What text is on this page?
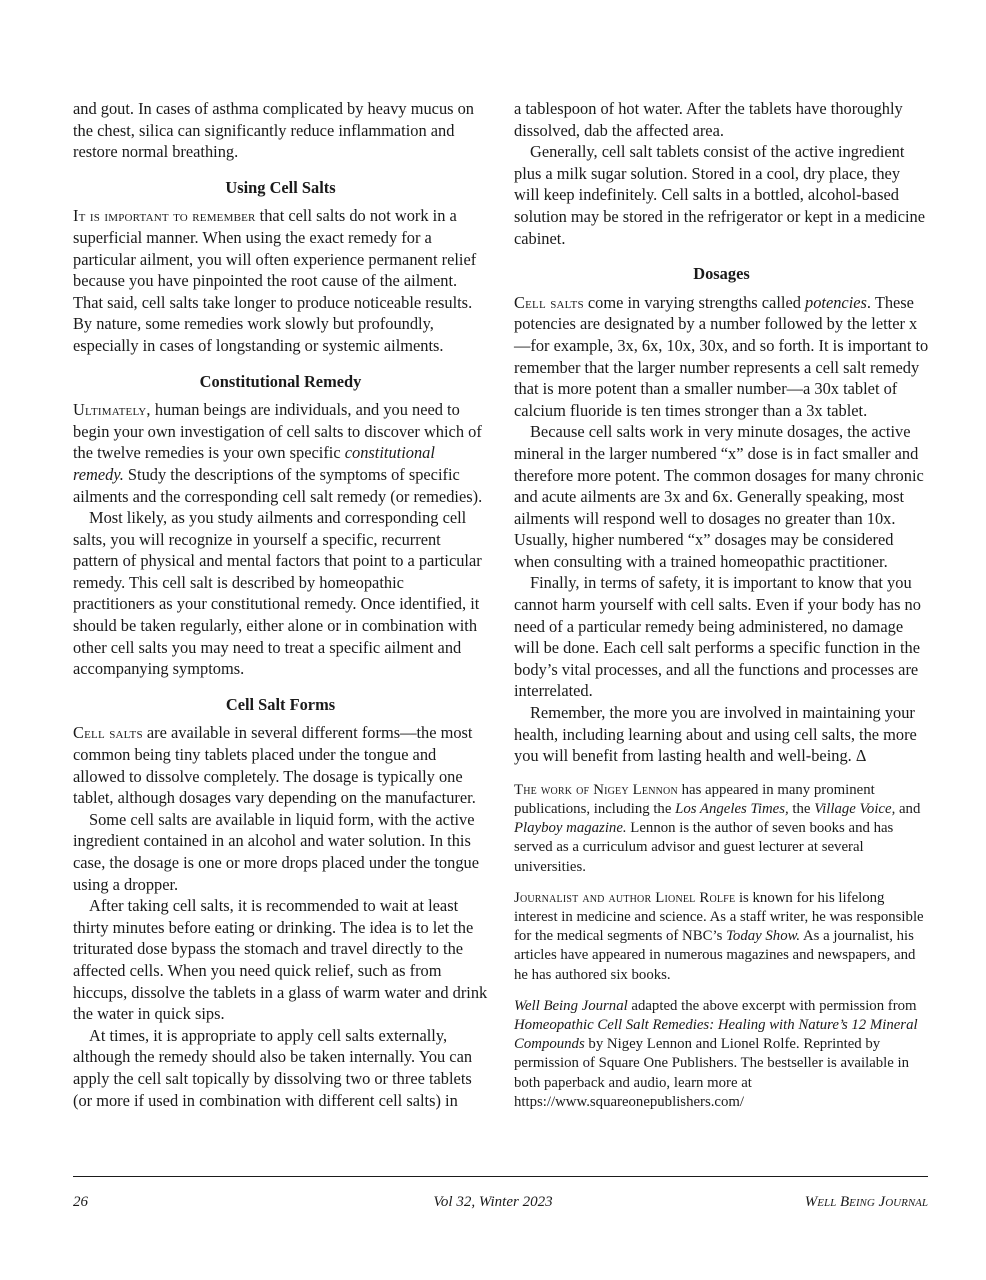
and gout. In cases of asthma complicated by heavy mucus on the chest, silica can significantly reduce inflammation and restore normal breathing.

Using Cell Salts

It is important to remember that cell salts do not work in a superficial manner. When using the exact remedy for a particular ailment, you will often experience permanent relief because you have pinpointed the root cause of the ailment. That said, cell salts take longer to produce noticeable results. By nature, some remedies work slowly but profoundly, especially in cases of longstanding or systemic ailments.

Constitutional Remedy

Ultimately, human beings are individuals, and you need to begin your own investigation of cell salts to discover which of the twelve remedies is your own specific constitutional remedy. Study the descriptions of the symptoms of specific ailments and the corresponding cell salt remedy (or remedies).

Most likely, as you study ailments and corresponding cell salts, you will recognize in yourself a specific, recurrent pattern of physical and mental factors that point to a particular remedy. This cell salt is described by homeopathic practitioners as your constitutional remedy. Once identified, it should be taken regularly, either alone or in combination with other cell salts you may need to treat a specific ailment and accompanying symptoms.

Cell Salt Forms

Cell salts are available in several different forms—the most common being tiny tablets placed under the tongue and allowed to dissolve completely. The dosage is typically one tablet, although dosages vary depending on the manufacturer.

Some cell salts are available in liquid form, with the active ingredient contained in an alcohol and water solution. In this case, the dosage is one or more drops placed under the tongue using a dropper.

After taking cell salts, it is recommended to wait at least thirty minutes before eating or drinking. The idea is to let the triturated dose bypass the stomach and travel directly to the affected cells. When you need quick relief, such as from hiccups, dissolve the tablets in a glass of warm water and drink the water in quick sips.

At times, it is appropriate to apply cell salts externally, although the remedy should also be taken internally. You can apply the cell salt topically by dissolving two or three tablets (or more if used in combination with different cell salts) in

a tablespoon of hot water. After the tablets have thoroughly dissolved, dab the affected area.

Generally, cell salt tablets consist of the active ingredient plus a milk sugar solution. Stored in a cool, dry place, they will keep indefinitely. Cell salts in a bottled, alcohol-based solution may be stored in the refrigerator or kept in a medicine cabinet.

Dosages

Cell salts come in varying strengths called potencies. These potencies are designated by a number followed by the letter x—for example, 3x, 6x, 10x, 30x, and so forth. It is important to remember that the larger number represents a cell salt remedy that is more potent than a smaller number—a 30x tablet of calcium fluoride is ten times stronger than a 3x tablet.

Because cell salts work in very minute dosages, the active mineral in the larger numbered “x” dose is in fact smaller and therefore more potent. The common dosages for many chronic and acute ailments are 3x and 6x. Generally speaking, most ailments will respond well to dosages no greater than 10x. Usually, higher numbered “x” dosages may be considered when consulting with a trained homeopathic practitioner.

Finally, in terms of safety, it is important to know that you cannot harm yourself with cell salts. Even if your body has no need of a particular remedy being administered, no damage will be done. Each cell salt performs a specific function in the body’s vital processes, and all the functions and processes are interrelated.

Remember, the more you are involved in maintaining your health, including learning about and using cell salts, the more you will benefit from lasting health and well-being. Δ

The work of Nigey Lennon has appeared in many prominent publications, including the Los Angeles Times, the Village Voice, and Playboy magazine. Lennon is the author of seven books and has served as a curriculum advisor and guest lecturer at several universities.

Journalist and author Lionel Rolfe is known for his lifelong interest in medicine and science. As a staff writer, he was responsible for the medical segments of NBC’s Today Show. As a journalist, his articles have appeared in numerous magazines and newspapers, and he has authored six books.

Well Being Journal adapted the above excerpt with permission from Homeopathic Cell Salt Remedies: Healing with Nature’s 12 Mineral Compounds by Nigey Lennon and Lionel Rolfe. Reprinted by permission of Square One Publishers. The bestseller is available in both paperback and audio, learn more at https://www.squareonepublishers.com/

26	Vol 32, Winter 2023	Well Being Journal
